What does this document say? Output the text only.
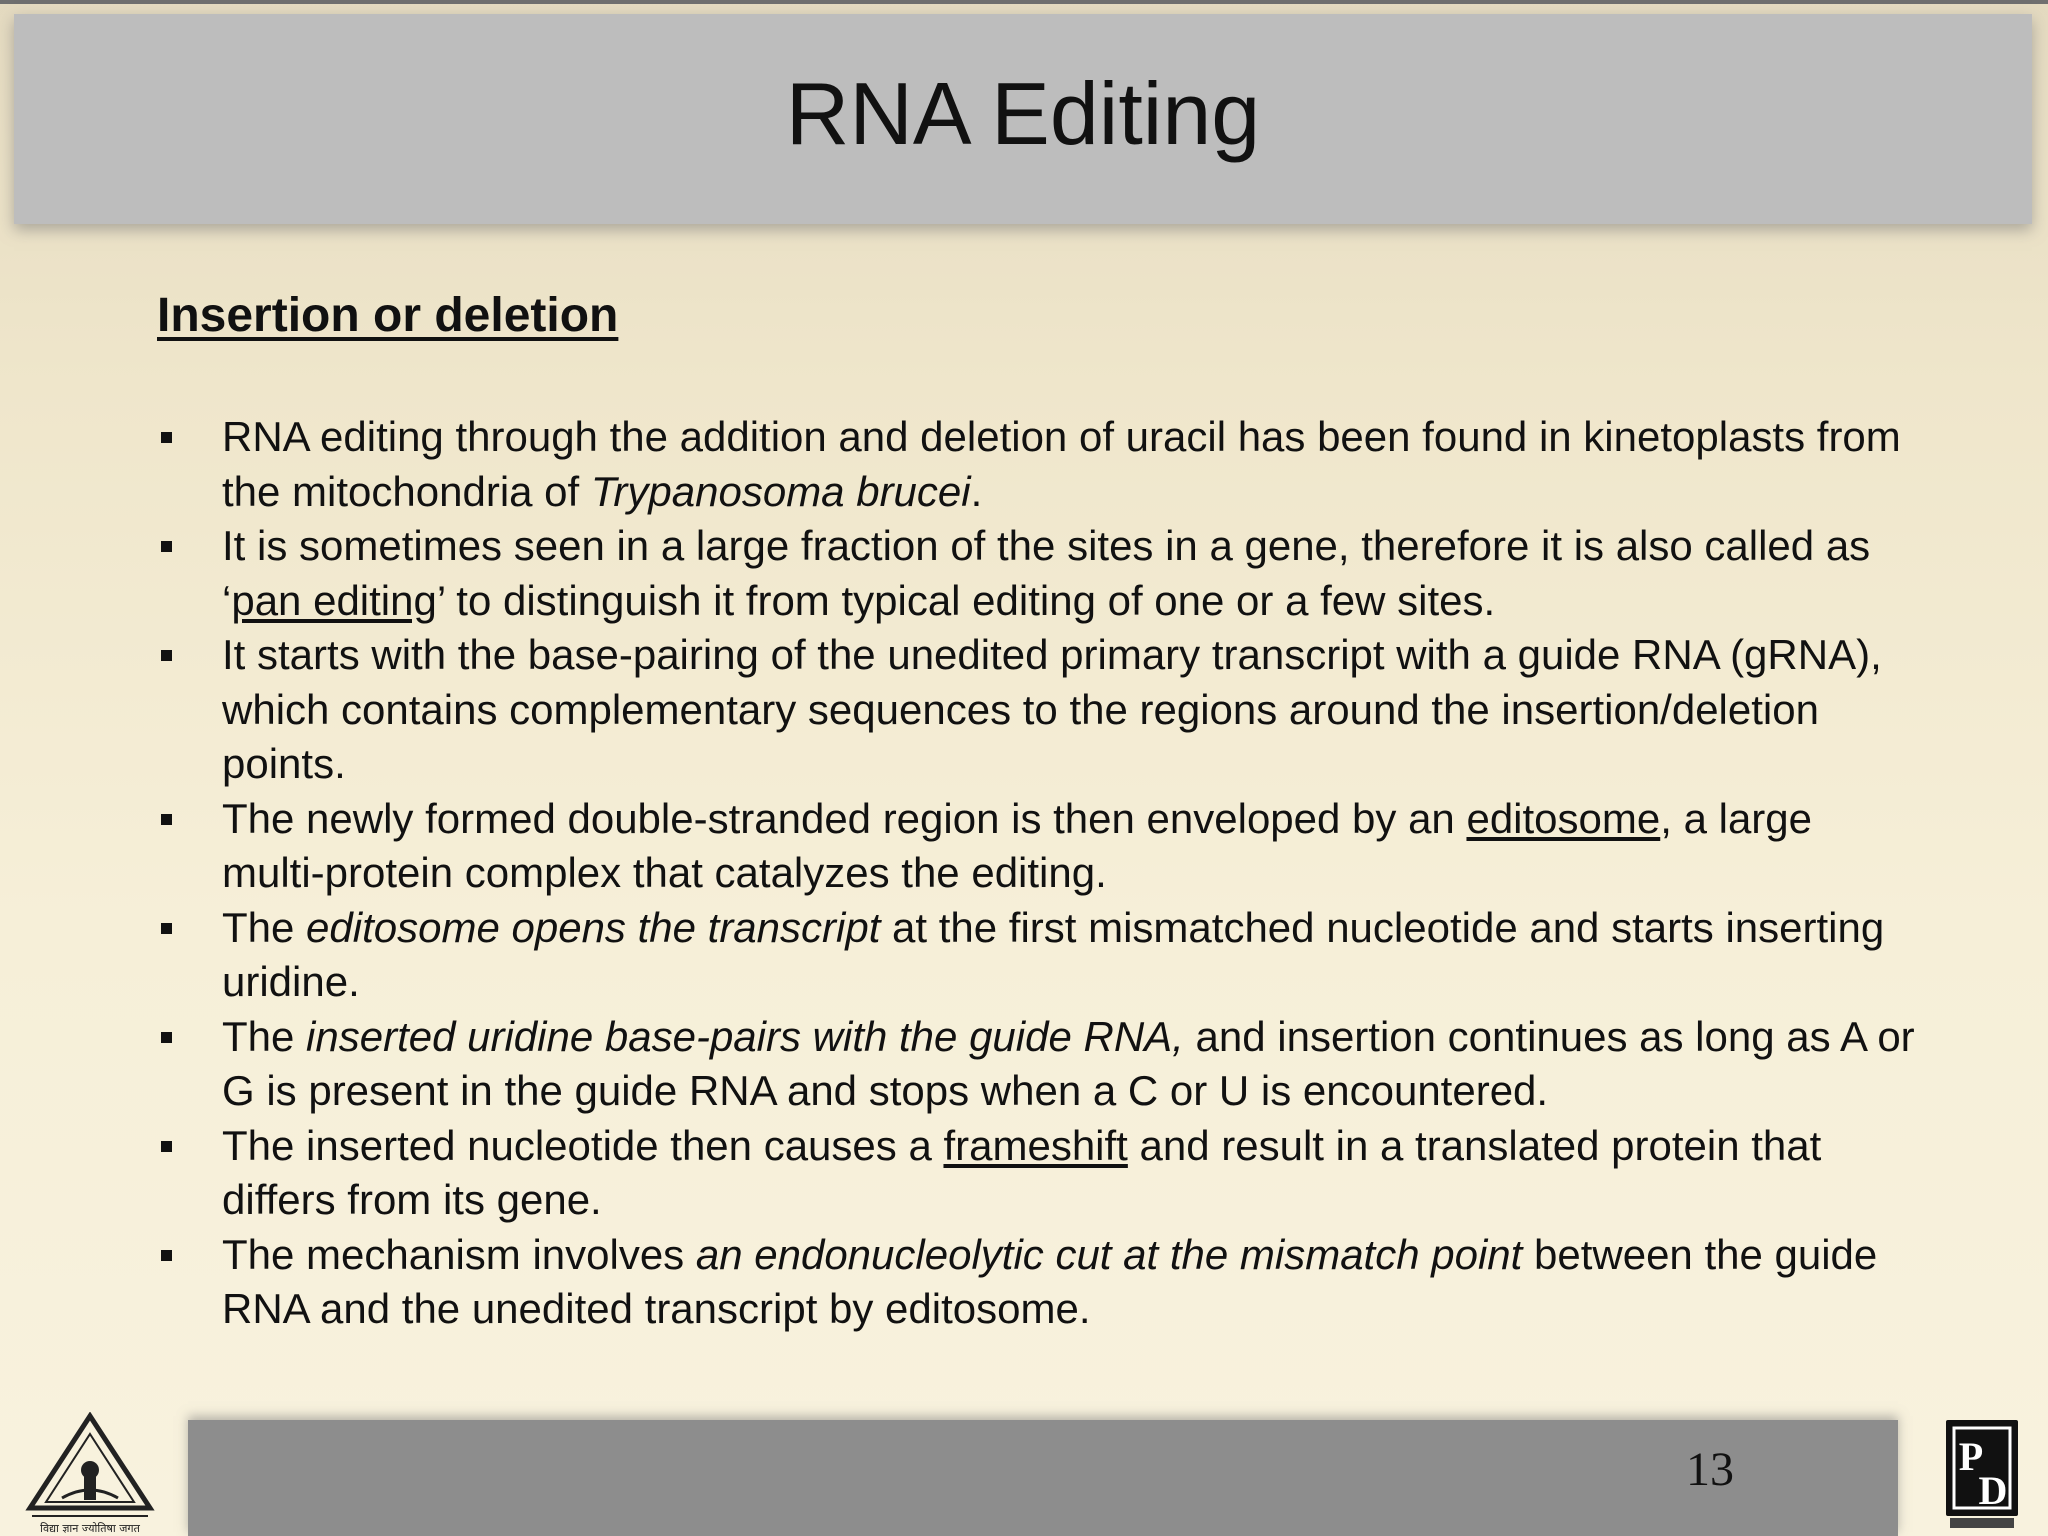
RNA Editing
Insertion or deletion
RNA editing through the addition and deletion of uracil has been found in kinetoplasts from the mitochondria of Trypanosoma brucei.
It is sometimes seen in a large fraction of the sites in a gene, therefore it is also called as ‘pan editing’ to distinguish it from typical editing of one or a few sites.
It starts with the base-pairing of the unedited primary transcript with a guide RNA (gRNA), which contains complementary sequences to the regions around the insertion/deletion points.
The newly formed double-stranded region is then enveloped by an editosome, a large multi-protein complex that catalyzes the editing.
The editosome opens the transcript at the first mismatched nucleotide and starts inserting uridine.
The inserted uridine base-pairs with the guide RNA, and insertion continues as long as A or G is present in the guide RNA and stops when a C or U is encountered.
The inserted nucleotide then causes a frameshift and result in a translated protein that differs from its gene.
The mechanism involves an endonucleolytic cut at the mismatch point between the guide RNA and the unedited transcript by editosome.
13
विद्या ज्ञान ज्योतिषा जगत
P
D
